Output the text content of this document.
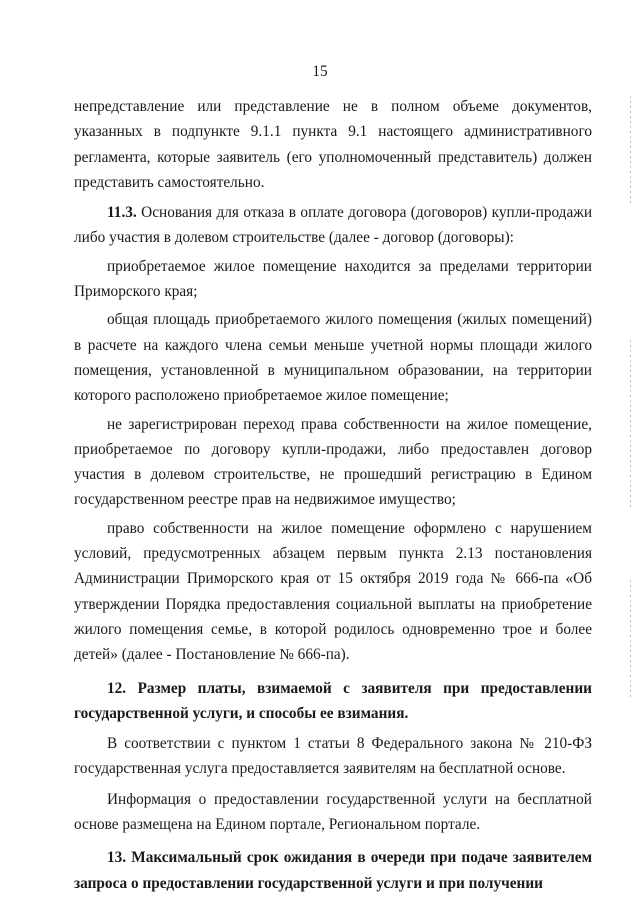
15

непредставление или представление не в полном объеме документов, указанных в подпункте 9.1.1 пункта 9.1 настоящего административного регламента, которые заявитель (его уполномоченный представитель) должен представить самостоятельно.

11.3. Основания для отказа в оплате договора (договоров) купли-продажи либо участия в долевом строительстве (далее - договор (договоры):

приобретаемое жилое помещение находится за пределами территории Приморского края;

общая площадь приобретаемого жилого помещения (жилых помещений) в расчете на каждого члена семьи меньше учетной нормы площади жилого помещения, установленной в муниципальном образовании, на территории которого расположено приобретаемое жилое помещение;

не зарегистрирован переход права собственности на жилое помещение, приобретаемое по договору купли-продажи, либо предоставлен договор участия в долевом строительстве, не прошедший регистрацию в Едином государственном реестре прав на недвижимое имущество;

право собственности на жилое помещение оформлено с нарушением условий, предусмотренных абзацем первым пункта 2.13 постановления Администрации Приморского края от 15 октября 2019 года № 666-па «Об утверждении Порядка предоставления социальной выплаты на приобретение жилого помещения семье, в которой родилось одновременно трое и более детей» (далее - Постановление № 666-па).

12. Размер платы, взимаемой с заявителя при предоставлении государственной услуги, и способы ее взимания.

В соответствии с пунктом 1 статьи 8 Федерального закона № 210-ФЗ государственная услуга предоставляется заявителям на бесплатной основе.

Информация о предоставлении государственной услуги на бесплатной основе размещена на Едином портале, Региональном портале.

13. Максимальный срок ожидания в очереди при подаче заявителем запроса о предоставлении государственной услуги и при получении
